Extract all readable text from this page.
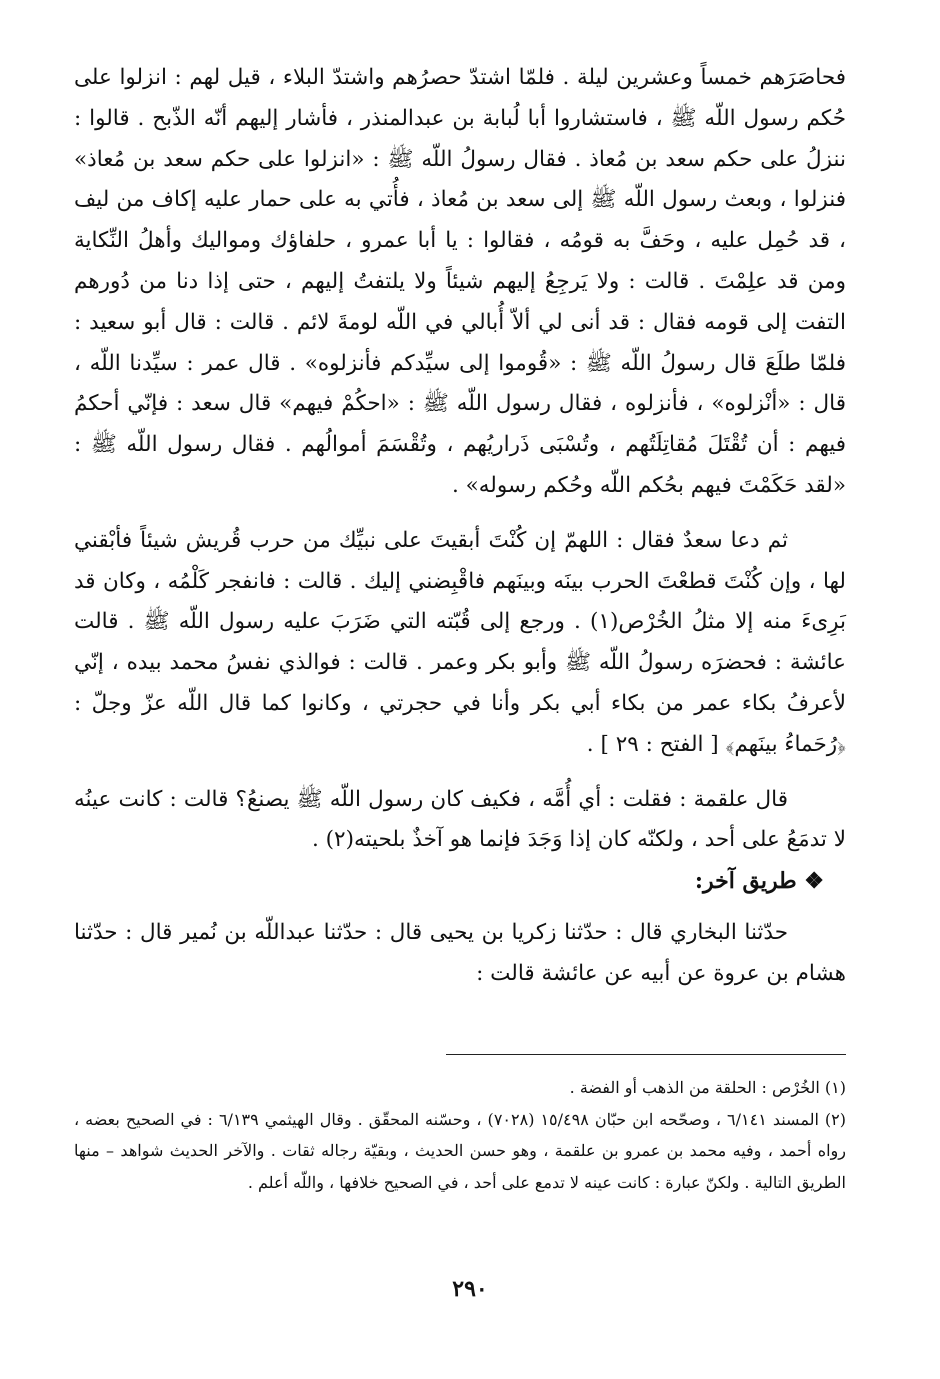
فحاصَرَهم خمساً وعشرين ليلة . فلمّا اشتدّ حصرُهم واشتدّ البلاء ، قيل لهم : انزلوا على حُكم رسول اللّه ﷺ ، فاستشاروا أبا لُبابة بن عبدالمنذر ، فأشار إليهم أنّه الذّبح . قالوا : ننزلُ على حكم سعد بن مُعاذ . فقال رسولُ اللّه ﷺ : «انزلوا على حكم سعد بن مُعاذ» فنزلوا ، وبعث رسول اللّه ﷺ إلى سعد بن مُعاذ ، فأُتي به على حمار عليه إكاف من ليف ، قد حُمِل عليه ، وحَفَّ به قومُه ، فقالوا : يا أبا عمرو ، حلفاؤك ومواليك وأهلُ النِّكاية ومن قد علِمْتَ . قالت : ولا يَرجِعُ إليهم شيئاً ولا يلتفتُ إليهم ، حتى إذا دنا من دُورهم التفت إلى قومه فقال : قد أنى لي ألاّ أُبالي في اللّه لومةَ لائم . قالت : قال أبو سعيد : فلمّا طلَعَ قال رسولُ اللّه ﷺ : «قُوموا إلى سيِّدكم فأنزلوه» . قال عمر : سيِّدنا اللّه ، قال : «أنْزلوه» ، فأنزلوه ، فقال رسول اللّه ﷺ : «احكُمْ فيهم» قال سعد : فإنّي أحكمُ فيهم : أن تُقْتَلَ مُقاتِلَتُهم ، وتُسْبَى ذَراريُهم ، وتُقْسَمَ أموالُهم . فقال رسول اللّه ﷺ : «لقد حَكَمْتَ فيهم بحُكم اللّه وحُكم رسوله» .

ثم دعا سعدٌ فقال : اللهمّ إن كُنْتَ أبقيتَ على نبيِّك من حرب قُريش شيئاً فأبْقني لها ، وإن كُنْتَ قطعْتَ الحرب بينَه وبينَهم فاقْبِضني إليك . قالت : فانفجر كَلْمُه ، وكان قد بَرِىءَ منه إلا مثلُ الخُرْص(١) . ورجع إلى قُبّته التي ضَرَبَ عليه رسول اللّه ﷺ . قالت عائشة : فحضرَه رسولُ اللّه ﷺ وأبو بكر وعمر . قالت : فوالذي نفسُ محمد بيده ، إنّي لأعرفُ بكاء عمر من بكاء أبي بكر وأنا في حجرتي ، وكانوا كما قال اللّه عزّ وجلّ : ﴿رُحَماءُ بينَهم﴾ [ الفتح : ٢٩ ] .

قال علقمة : فقلت : أي أُمَّه ، فكيف كان رسول اللّه ﷺ يصنعُ؟ قالت : كانت عينُه لا تدمَعُ على أحد ، ولكنّه كان إذا وَجَدَ فإنما هو آخذٌ بلحيته(٢) .

❖ طريق آخر:

حدّثنا البخاري قال : حدّثنا زكريا بن يحيى قال : حدّثنا عبداللّه بن نُمير قال : حدّثنا هشام بن عروة عن أبيه عن عائشة قالت :

(١) الخُرْص : الحلقة من الذهب أو الفضة .

(٢) المسند ٦/١٤١ ، وصحّحه ابن حبّان ١٥/٤٩٨ (٧٠٢٨) ، وحسّنه المحقّق . وقال الهيثمي ٦/١٣٩ : في الصحيح بعضه ، رواه أحمد ، وفيه محمد بن عمرو بن علقمة ، وهو حسن الحديث ، وبقيّة رجاله ثقات . والآخر الحديث شواهد – منها الطريق التالية . ولكنّ عبارة : كانت عينه لا تدمع على أحد ، في الصحيح خلافها ، واللّه أعلم .

٢٩٠
